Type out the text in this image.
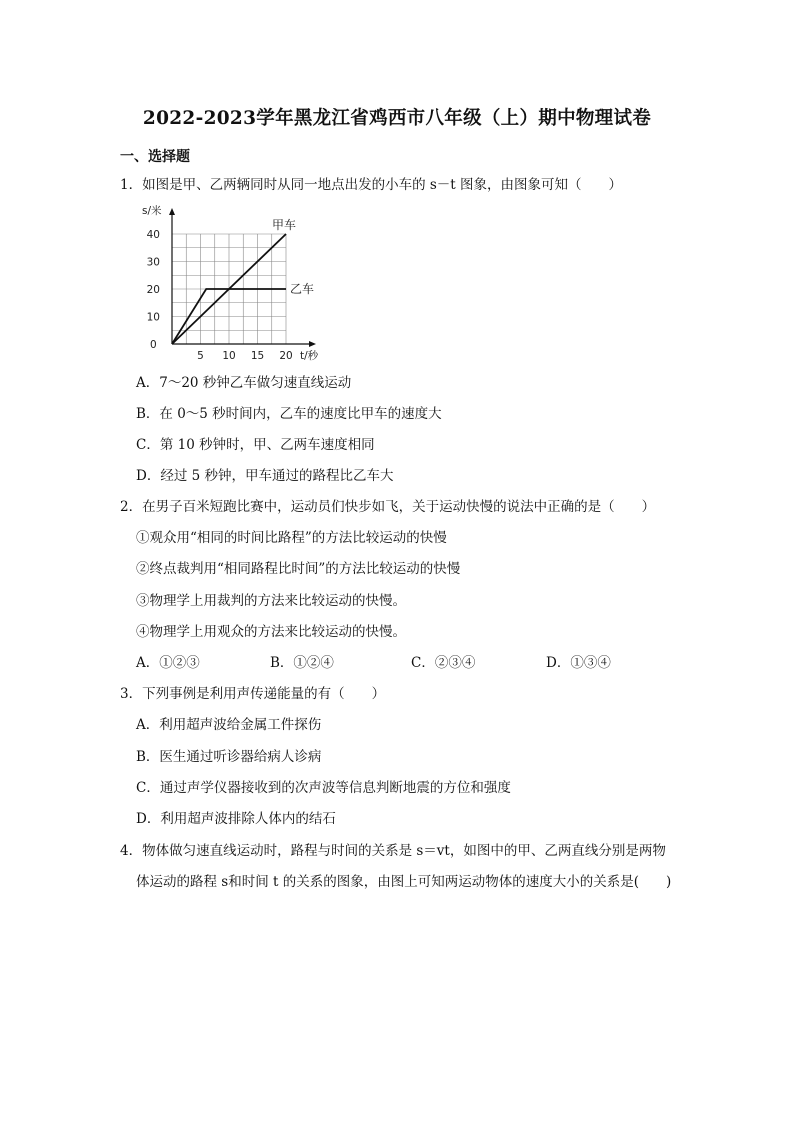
2022-2023学年黑龙江省鸡西市八年级（上）期中物理试卷
一、选择题
1．如图是甲、乙两辆同时从同一地点出发的小车的 s－t 图象，由图象可知（　　）
t/秒
s/米
0
5 10 15 20
10
20
30
40
甲车
乙车
A．7～20 秒钟乙车做匀速直线运动
B．在 0～5 秒时间内，乙车的速度比甲车的速度大
C．第 10 秒钟时，甲、乙两车速度相同
D．经过 5 秒钟，甲车通过的路程比乙车大
2．在男子百米短跑比赛中，运动员们快步如飞，关于运动快慢的说法中正确的是（　　）
①观众用“相同的时间比路程”的方法比较运动的快慢
②终点裁判用“相同路程比时间”的方法比较运动的快慢
③物理学上用裁判的方法来比较运动的快慢。
④物理学上用观众的方法来比较运动的快慢。
A．①②③	B．①②④	C．②③④	D．①③④
3．下列事例是利用声传递能量的有（　　）
A．利用超声波给金属工件探伤
B．医生通过听诊器给病人诊病
C．通过声学仪器接收到的次声波等信息判断地震的方位和强度
D．利用超声波排除人体内的结石
4．物体做匀速直线运动时，路程与时间的关系是 s＝vt，如图中的甲、乙两直线分别是两物
体运动的路程 s和时间 t 的关系的图象，由图上可知两运动物体的速度大小的关系是(　　)
